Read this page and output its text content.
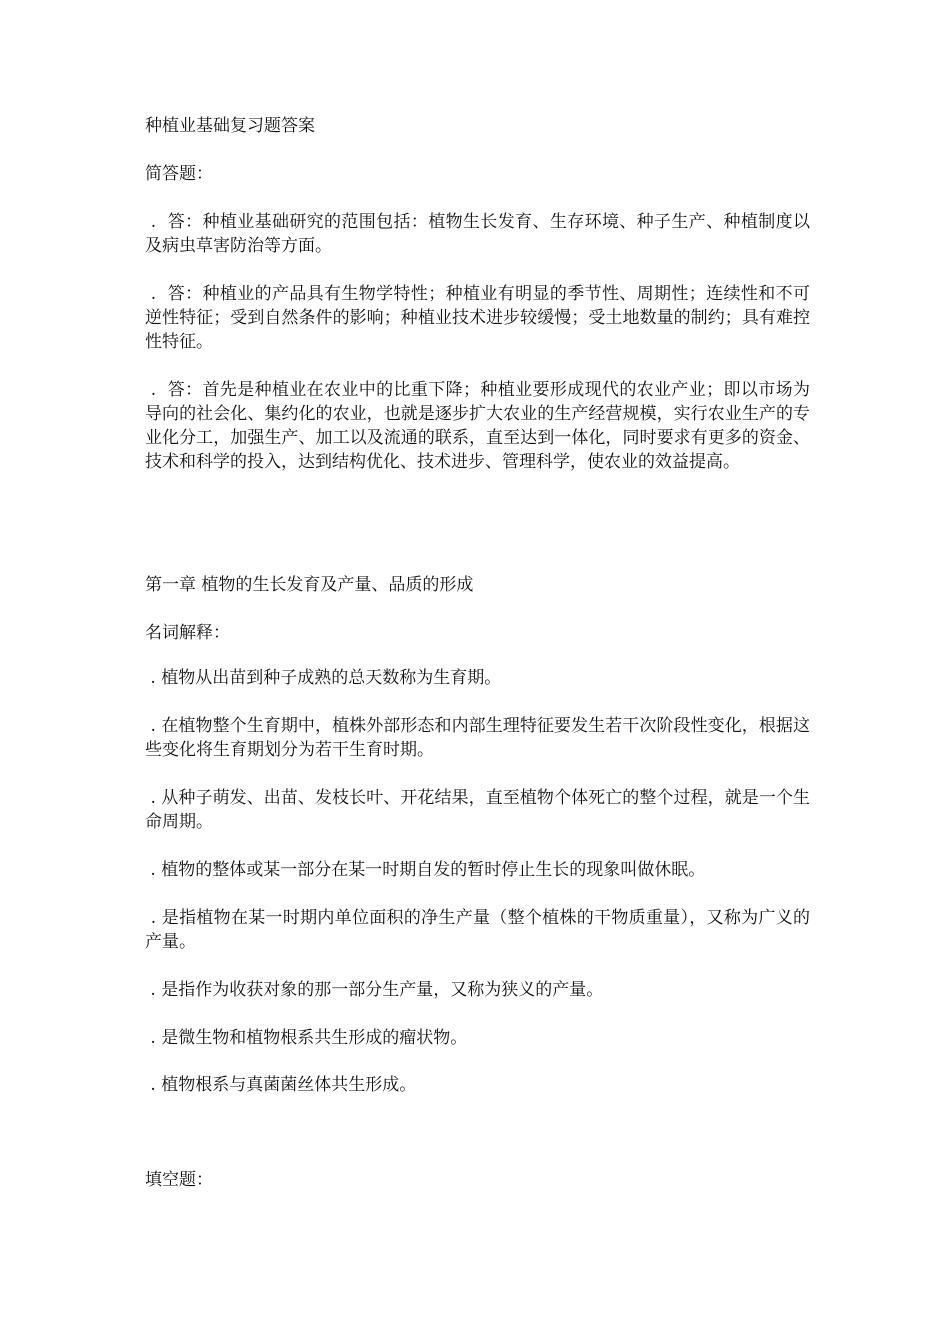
种植业基础复习题答案

简答题：

.  答：种植业基础研究的范围包括：植物生长发育、生存环境、种子生产、种植制度以及病虫草害防治等方面。

.  答：种植业的产品具有生物学特性；种植业有明显的季节性、周期性；连续性和不可逆性特征；受到自然条件的影响；种植业技术进步较缓慢；受土地数量的制约；具有难控性特征。

.  答：首先是种植业在农业中的比重下降；种植业要形成现代的农业产业；即以市场为导向的社会化、集约化的农业，也就是逐步扩大农业的生产经营规模，实行农业生产的专业化分工，加强生产、加工以及流通的联系，直至达到一体化，同时要求有更多的资金、技术和科学的投入，达到结构优化、技术进步、管理科学，使农业的效益提高。

第一章 植物的生长发育及产量、品质的形成

名词解释：

. 植物从出苗到种子成熟的总天数称为生育期。

. 在植物整个生育期中，植株外部形态和内部生理特征要发生若干次阶段性变化，根据这些变化将生育期划分为若干生育时期。

. 从种子萌发、出苗、发枝长叶、开花结果，直至植物个体死亡的整个过程，就是一个生命周期。

. 植物的整体或某一部分在某一时期自发的暂时停止生长的现象叫做休眠。

. 是指植物在某一时期内单位面积的净生产量（整个植株的干物质重量），又称为广义的产量。

. 是指作为收获对象的那一部分生产量，又称为狭义的产量。

. 是微生物和植物根系共生形成的瘤状物。

. 植物根系与真菌菌丝体共生形成。

填空题：
